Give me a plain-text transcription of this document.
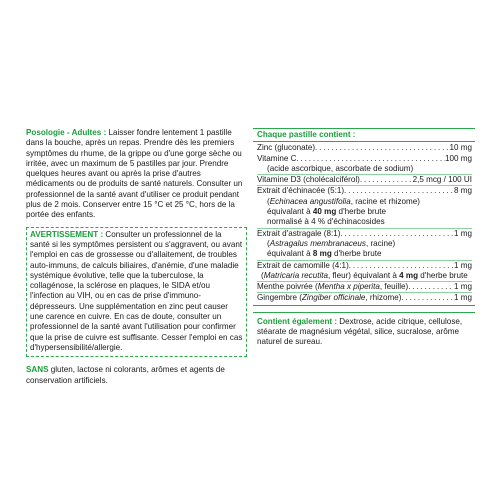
Posologie - Adultes : Laisser fondre lentement 1 pastille dans la bouche, après un repas. Prendre dès les premiers symptômes du rhume, de la grippe ou d'une gorge sèche ou irritée, avec un maximum de 5 pastilles par jour. Prendre quelques heures avant ou après la prise d'autres médicaments ou de produits de santé naturels. Consulter un professionnel de la santé avant d'utiliser ce produit pendant plus de 2 mois. Conserver entre 15 °C et 25 °C, hors de la portée des enfants.

AVERTISSEMENT : Consulter un professionnel de la santé si les symptômes persistent ou s'aggravent, ou avant l'emploi en cas de grossesse ou d'allaitement, de troubles auto-immuns, de calculs biliaires, d'anémie, d'une maladie systémique évolutive, telle que la tuberculose, la collagénose, la sclérose en plaques, le SIDA et/ou l'infection au VIH, ou en cas de prise d'immuno-dépresseurs. Une supplémentation en zinc peut causer une carence en cuivre. En cas de doute, consulter un professionnel de la santé avant l'utilisation pour confirmer que la prise de cuivre est suffisante. Cesser l'emploi en cas d'hypersensibilité/allergie.

SANS gluten, lactose ni colorants, arômes et agents de conservation artificiels.

Chaque pastille contient :
Zinc (gluconate) . . .	10 mg
Vitamine C . . .	100 mg
(acide ascorbique, ascorbate de sodium)
Vitamine D3 (cholécalciférol) . . .	2,5 mcg / 100 UI
Extrait d'échinacée (5:1) . . .	8 mg
(Echinacea angustifolia, racine et rhizome)
équivalant à 40 mg d'herbe brute
normalisé à 4 % d'échinacosides
Extrait d'astragale (8:1) . . .	1 mg
(Astragalus membranaceus, racine)
équivalant à 8 mg d'herbe brute
Extrait de camomille (4:1) . . .	1 mg
(Matricaria recutita, fleur) équivalant à 4 mg d'herbe brute
Menthe poivrée (Mentha x piperita, feuille) . . .	1 mg
Gingembre (Zingiber officinale, rhizome) . . .	1 mg

Contient également : Dextrose, acide citrique, cellulose, stéarate de magnésium végétal, silice, sucralose, arôme naturel de sureau.
